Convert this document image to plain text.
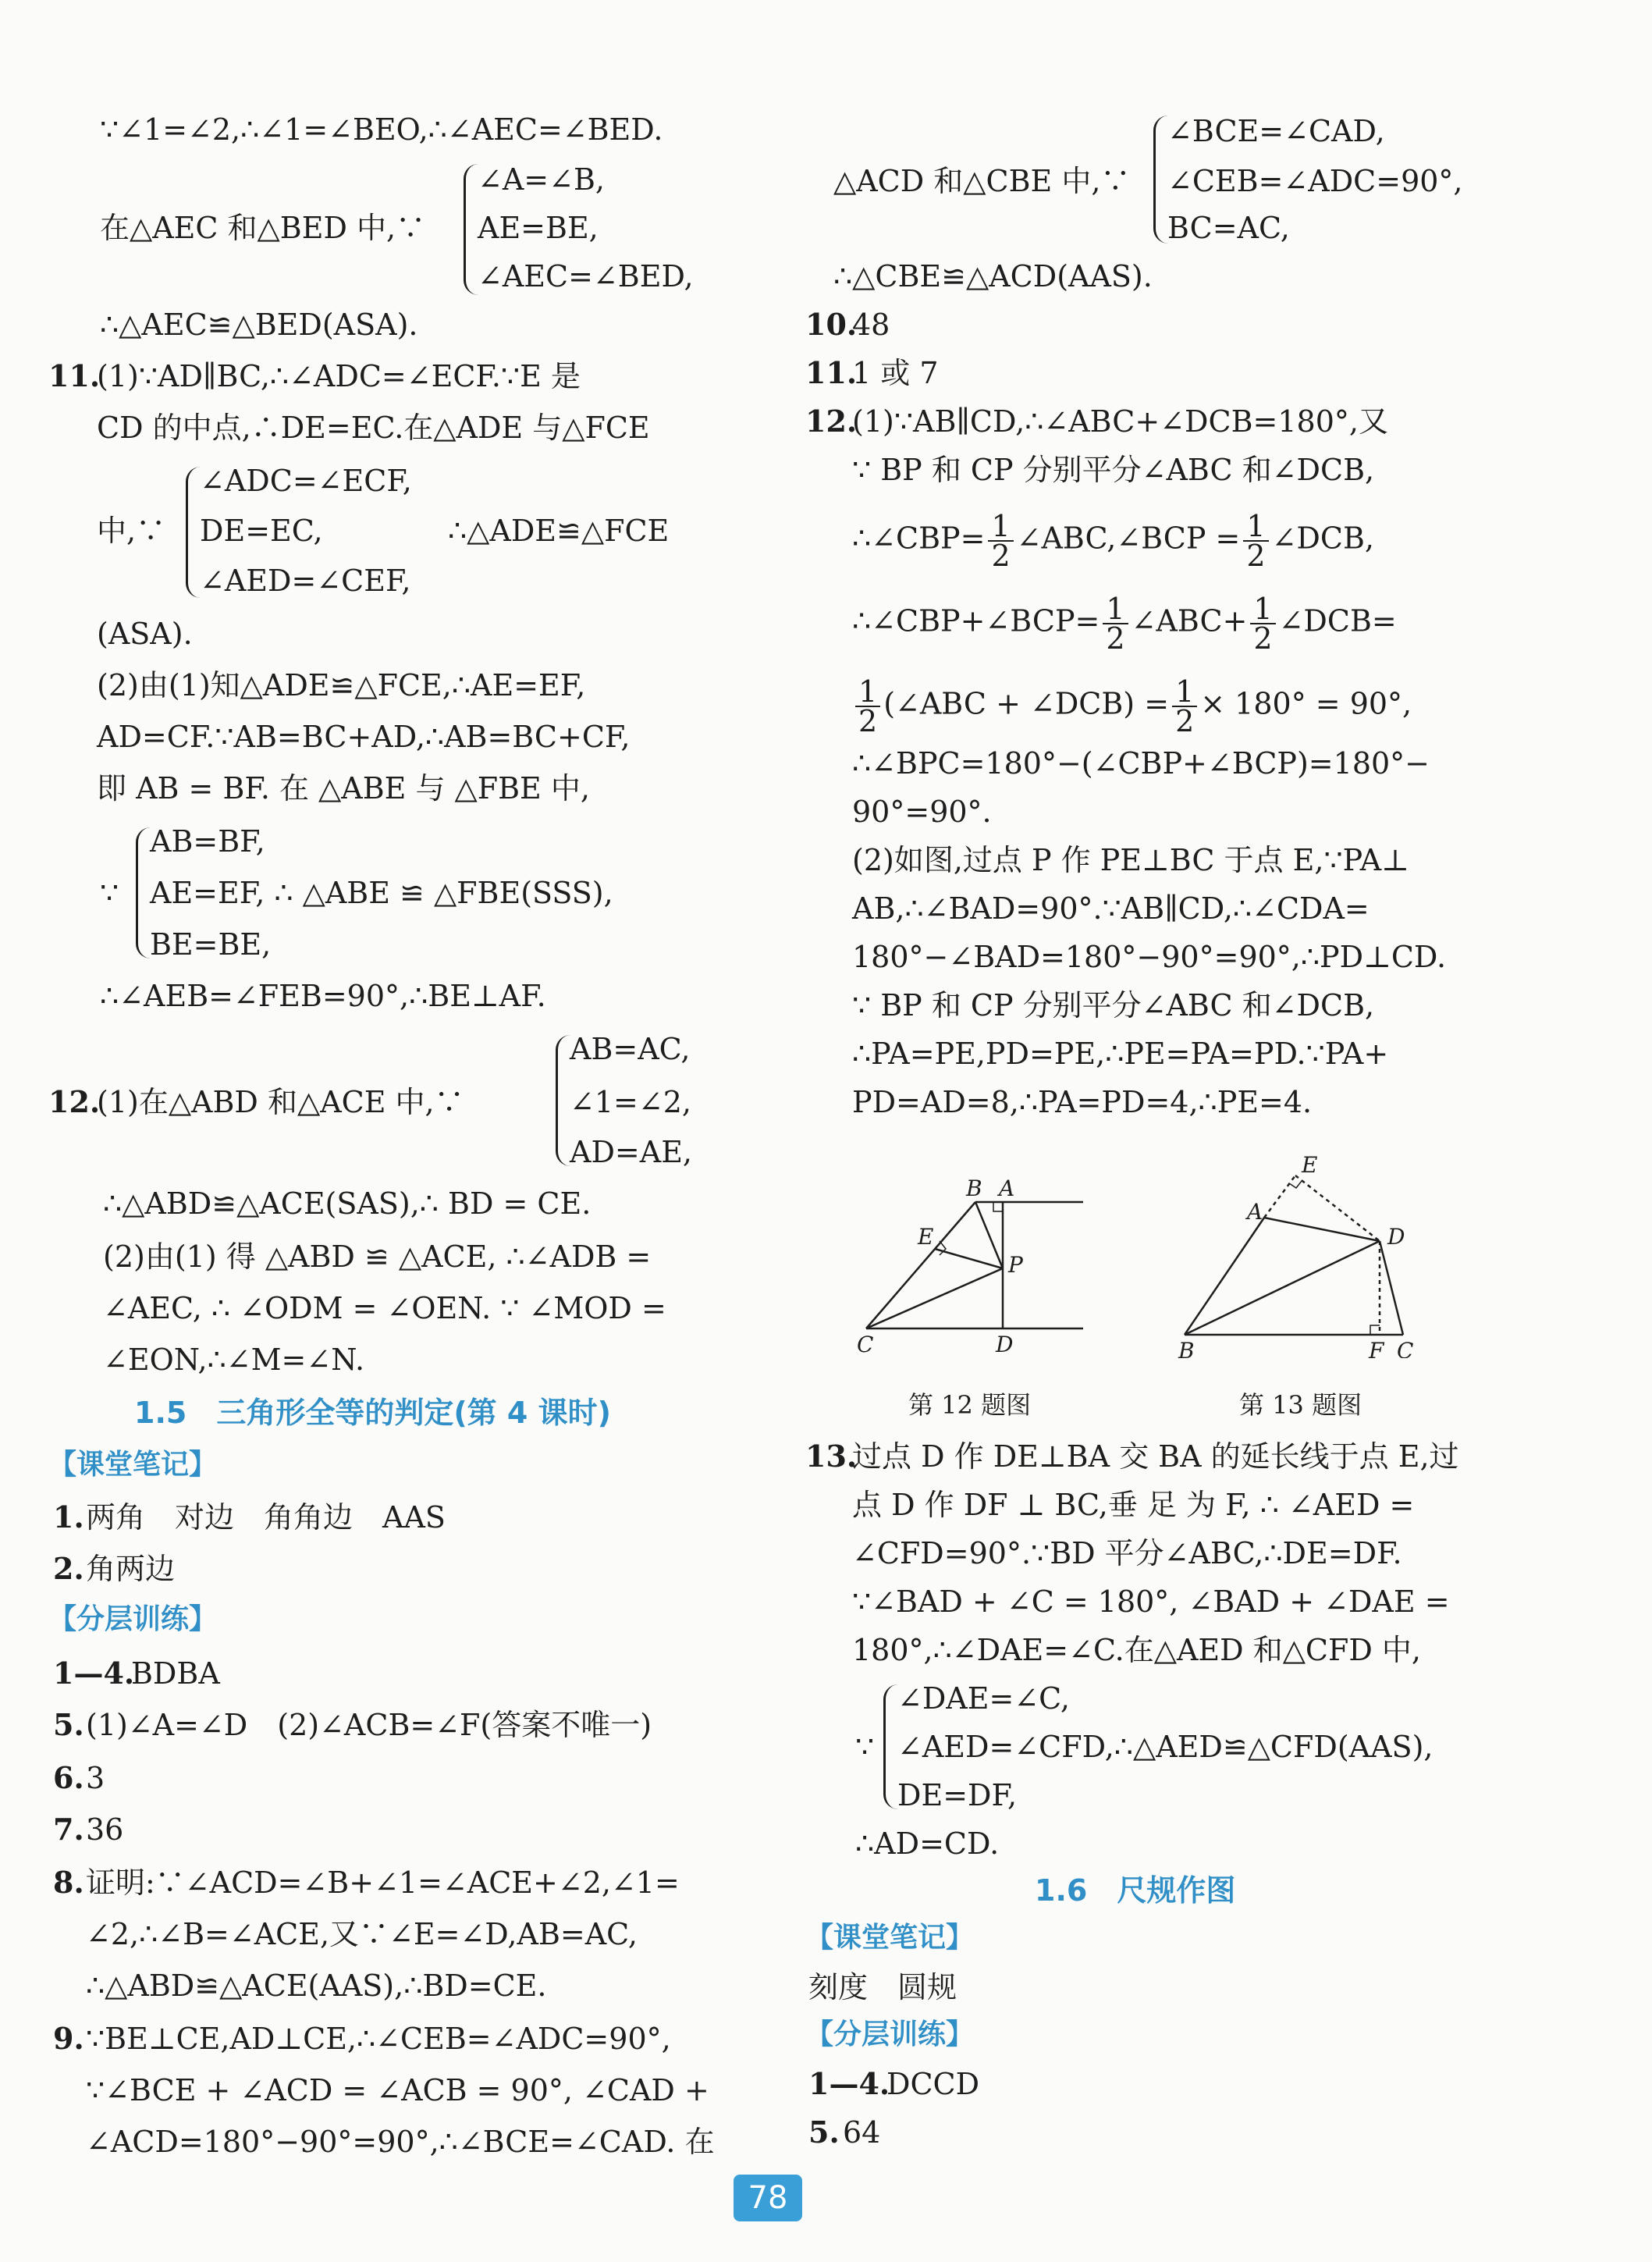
∵∠1=∠2,∴∠1=∠BEO,∴∠AEC=∠BED.
在△AEC 和△BED 中,∵
∠A=∠B,
AE=BE,
∠AEC=∠BED,
∴△AEC≌△BED(ASA).
11.
(1)∵AD∥BC,∴∠ADC=∠ECF.∵E 是
CD 的中点,∴DE=EC.在△ADE 与△FCE
中,∵
∠ADC=∠ECF,
DE=EC,
∠AED=∠CEF,
∴△ADE≌△FCE
(ASA).
(2)由(1)知△ADE≌△FCE,∴AE=EF,
AD=CF.∵AB=BC+AD,∴AB=BC+CF,
即 AB = BF. 在 △ABE 与 △FBE 中,
∵
AB=BF,
AE=EF, ∴ △ABE ≌ △FBE(SSS),
BE=BE,
∴∠AEB=∠FEB=90°,∴BE⊥AF.
12.
(1)在△ABD 和△ACE 中,∵
AB=AC,
∠1=∠2,
AD=AE,
∴△ABD≌△ACE(SAS),∴ BD = CE.
(2)由(1) 得 △ABD ≌ △ACE, ∴∠ADB =
∠AEC, ∴ ∠ODM = ∠OEN. ∵ ∠MOD =
∠EON,∴∠M=∠N.
1.5　三角形全等的判定(第 4 课时)
【课堂笔记】
1. 两角　对边　角角边　AAS
2. 角两边
【分层训练】
1—4.
BDBA
5. (1)∠A=∠D　(2)∠ACB=∠F(答案不唯一)
6. 3
7. 36
8. 证明:∵∠ACD=∠B+∠1=∠ACE+∠2,∠1=
∠2,∴∠B=∠ACE,又∵∠E=∠D,AB=AC,
∴△ABD≌△ACE(AAS),∴BD=CE.
9. ∵BE⊥CE,AD⊥CE,∴∠CEB=∠ADC=90°,
∵∠BCE + ∠ACD = ∠ACB = 90°, ∠CAD +
∠ACD=180°−90°=90°,∴∠BCE=∠CAD. 在
△ACD 和△CBE 中,∵
∠BCE=∠CAD,
∠CEB=∠ADC=90°,
BC=AC,
∴△CBE≌△ACD(AAS).
10.
48
11.
1 或 7
12.
(1)∵AB∥CD,∴∠ABC+∠DCB=180°,又
∵ BP 和 CP 分别平分∠ABC 和∠DCB,
∴∠CBP= $\frac{1}{2}$ ∠ABC,∠BCP = $\frac{1}{2}$ ∠DCB,
∴∠CBP+∠BCP= $\frac{1}{2}$ ∠ABC+ $\frac{1}{2}$ ∠DCB=
$\frac{1}{2}$ (∠ABC + ∠DCB) = $\frac{1}{2} \times 180^\circ = 90^\circ$,
∴∠BPC=180°−(∠CBP+∠BCP)=180°−
90°=90°.
(2)如图,过点 P 作 PE⊥BC 于点 E,∵PA⊥
AB,∴∠BAD=90°.∵AB∥CD,∴∠CDA=
180°−∠BAD=180°−90°=90°,∴PD⊥CD.
∵ BP 和 CP 分别平分∠ABC 和∠DCB,
∴PA=PE,PD=PE,∴PE=PA=PD.∵PA+
PD=AD=8,∴PA=PD=4,∴PE=4.
B A
E
P
C	D
E
A
D
B	F C
第 12 题图	第 13 题图
13.
过点 D 作 DE⊥BA 交 BA 的延长线于点 E,过
点 D 作 DF ⊥ BC,垂 足 为 F, ∴ ∠AED =
∠CFD=90°.∵BD 平分∠ABC,∴DE=DF.
∵∠BAD + ∠C = 180°, ∠BAD + ∠DAE =
180°,∴∠DAE=∠C.在△AED 和△CFD 中,
∵
∠DAE=∠C,
∠AED=∠CFD,∴△AED≌△CFD(AAS),
DE=DF,
∴AD=CD.
1.6　尺规作图
【课堂笔记】
刻度　圆规
【分层训练】
1—4.
DCCD
5. 64
78
